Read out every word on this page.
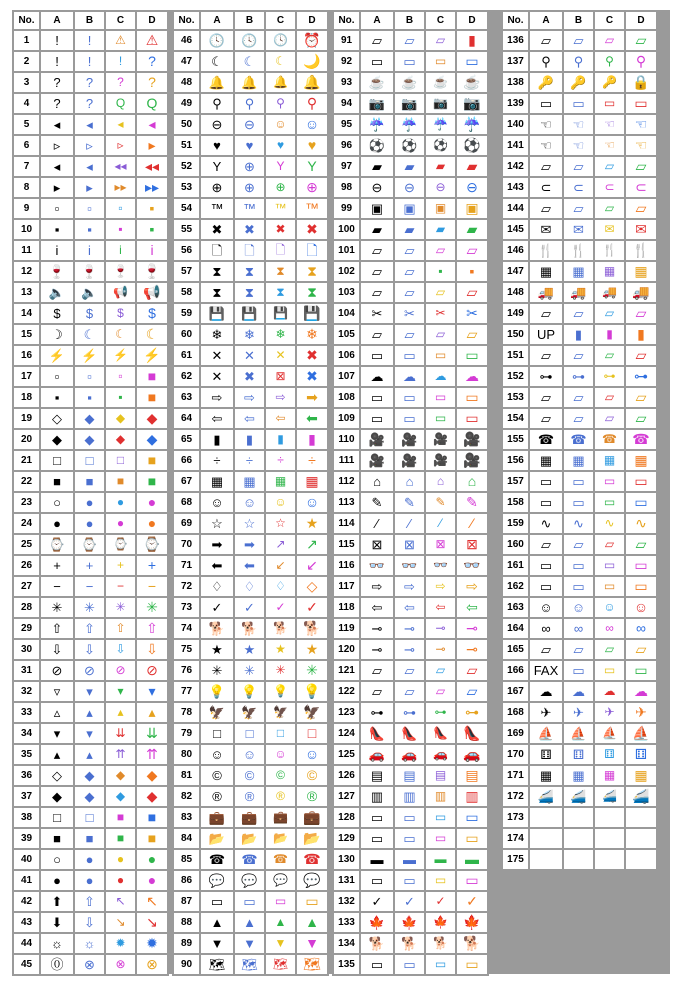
No.	A	B	C	D
1	!	!	⚠	⚠
2	!	!	!	?
3	?	?	?	?
4	?	?	Q	Q
5	◂	◂	◂	◂
6	▹	▹	▹	▸
7	◂	◂	◂◂	◂◂
8	▸	▸	▸▸	▸▸
9	▫	▫	▫	▪
10	▪	▪	▪	▪
11	i	i	i	i
12	🍷	🍷	🍷	🍷
13	🔈	🔈	📢	📢
14	$	$	$	$
15	☽	☾	☾	☾
16	⚡	⚡	⚡	⚡
17	▫	▫	▫	■
18	▪	▪	▪	■
19	◇	◆	◆	◆
20	◆	◆	◆	◆
21	□	□	□	■
22	■	■	■	■
23	○	●	●	●
24	●	●	●	●
25	⌚	⌚	⌚	⌚
26	+	+	+	+
27	−	−	−	−
28	✳	✳	✳	✳
29	⇧	⇧	⇧	⇧
30	⇩	⇩	⇩	⇩
31	⊘	⊘	⊘	⊘
32	▿	▾	▾	▾
33	▵	▴	▴	▴
34	▾	▾	⇊	⇊
35	▴	▴	⇈	⇈
36	◇	◆	◆	◆
37	◆	◆	◆	◆
38	□	□	■	■
39	■	■	■	■
40	○	●	●	●
41	●	●	●	●
42	⬆	⇧	↖	↖
43	⬇	⇩	↘	↘
44	☼	☼	✹	✹
45	⓪	⊗	⊗	⊗
No.	A	B	C	D
46	🕓	🕓	🕓	⏰
47	☾	☾	☾	🌙
48	🔔	🔔	🔔	🔔
49	⚲	⚲	⚲	⚲
50	⊖	⊖	☺	☺
51	♥	♥	♥	♥
52	Y	⊕	Y	Y
53	⊕	⊕	⊕	⊕
54	™	™	™	™
55	✖	✖	✖	✖
56	🗋	🗋	🗋	🗋
57	⧗	⧗	⧗	⧗
58	⧗	⧗	⧗	⧗
59	💾	💾	💾	💾
60	❄	❄	❄	❄
61	✕	✕	✕	✖
62	✕	✖	⊠	✖
63	⇨	⇨	⇨	➡
64	⇦	⇦	⇦	⬅
65	▮	▮	▮	▮
66	÷	÷	÷	÷
67	▦	▦	▦	▦
68	☺	☺	☺	☺
69	☆	☆	☆	★
70	➡	➡	↗	↗
71	⬅	⬅	↙	↙
72	♢	♢	♢	◇
73	✓	✓	✓	✓
74	🐕	🐕	🐕	🐕
75	★	★	★	★
76	✳	✳	✳	✳
77	💡	💡	💡	💡
78	🦅	🦅	🦅	🦅
79	□	□	□	□
80	☺	☺	☺	☺
81	©	©	©	©
82	®	®	®	®
83	💼	💼	💼	💼
84	📂	📂	📂	📂
85	☎	☎	☎	☎
86	💬	💬	💬	💬
87	▭	▭	▭	▭
88	▲	▲	▲	▲
89	▼	▼	▼	▼
90	🗺	🗺	🗺	🗺
No.	A	B	C	D
91	▱	▱	▱	▮
92	▭	▭	▭	▭
93	☕	☕	☕	☕
94	📷	📷	📷	📷
95	☔	☔	☔	☔
96	⚽	⚽	⚽	⚽
97	▰	▰	▰	▰
98	⊖	⊖	⊖	⊖
99	▣	▣	▣	▣
100	▰	▰	▰	▰
101	▱	▱	▱	▱
102	▱	▱	▪	▪
103	▱	▱	▱	▱
104	✂	✂	✂	✂
105	▱	▱	▱	▱
106	▭	▭	▭	▭
107	☁	☁	☁	☁
108	▭	▭	▭	▭
109	▭	▭	▭	▭
110	🎥	🎥	🎥	🎥
111	🎥	🎥	🎥	🎥
112	⌂	⌂	⌂	⌂
113	✎	✎	✎	✎
114	⁄	⁄	⁄	⁄
115	⊠	⊠	⊠	⊠
116	👓	👓	👓	👓
117	⇨	⇨	⇨	⇨
118	⇦	⇦	⇦	⇦
119	⊸	⊸	⊸	⊸
120	⊸	⊸	⊸	⊸
121	▱	▱	▱	▱
122	▱	▱	▱	▱
123	⊶	⊶	⊶	⊶
124	👠	👠	👠	👠
125	🚗	🚗	🚗	🚗
126	▤	▤	▤	▤
127	▥	▥	▥	▥
128	▭	▭	▭	▭
129	▭	▭	▭	▭
130	▬	▬	▬	▬
131	▭	▭	▭	▭
132	✓	✓	✓	✓
133	🍁	🍁	🍁	🍁
134	🐕	🐕	🐕	🐕
135	▭	▭	▭	▭
No.	A	B	C	D
136	▱	▱	▱	▱
137	⚲	⚲	⚲	⚲
138	🔑	🔑	🔑	🔒
139	▭	▭	▭	▭
140	☜	☜	☜	☜
141	☜	☜	☜	☜
142	▱	▱	▱	▱
143	⊂	⊂	⊂	⊂
144	▱	▱	▱	▱
145	✉	✉	✉	✉
146	🍴	🍴	🍴	🍴
147	▦	▦	▦	▦
148	🚚	🚚	🚚	🚚
149	▱	▱	▱	▱
150	UP	▮	▮	▮
151	▱	▱	▱	▱
152	⊶	⊶	⊶	⊶
153	▱	▱	▱	▱
154	▱	▱	▱	▱
155	☎	☎	☎	☎
156	▦	▦	▦	▦
157	▭	▭	▭	▭
158	▭	▭	▭	▭
159	∿	∿	∿	∿
160	▱	▱	▱	▱
161	▭	▭	▭	▭
162	▭	▭	▭	▭
163	☺	☺	☺	☺
164	∞	∞	∞	∞
165	▱	▱	▱	▱
166	FAX	▭	▭	▭
167	☁	☁	☁	☁
168	✈	✈	✈	✈
169	⛵	⛵	⛵	⛵
170	⚅	⚅	⚅	⚅
171	▦	▦	▦	▦
172	🚄	🚄	🚄	🚄
173				
174				
175				
